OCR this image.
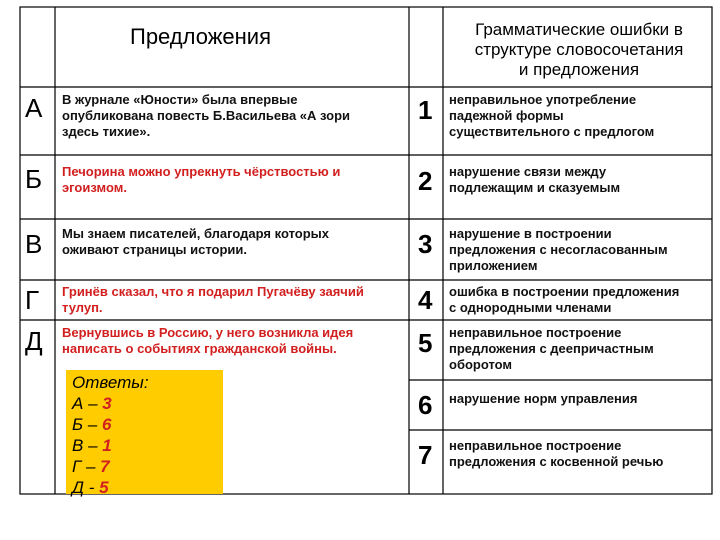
Предложения	Грамматические ошибки в
структуре словосочетания
и предложения
А
Б
В
Г
Д
В журнале «Юности» была впервые
опубликована повесть Б.Васильева «А зори
здесь тихие».
Печорина можно упрекнуть чёрствостью и
эгоизмом.
Мы знаем писателей, благодаря которых
оживают страницы истории.
Гринёв сказал, что я подарил Пугачёву заячий
тулуп.
Вернувшись в Россию, у него возникла идея
написать о событиях гражданской войны.
1
2
3
4
5
6
7
неправильное употребление
падежной формы
существительного с предлогом
нарушение связи между
подлежащим и сказуемым
нарушение в построении
предложения с несогласованным
приложением
ошибка в построении предложения
с однородными членами
неправильное построение
предложения с деепричастным
оборотом
нарушение норм управления
неправильное построение
предложения с косвенной речью
Ответы:
А – 3
Б – 6
В – 1
Г – 7
Д - 5
